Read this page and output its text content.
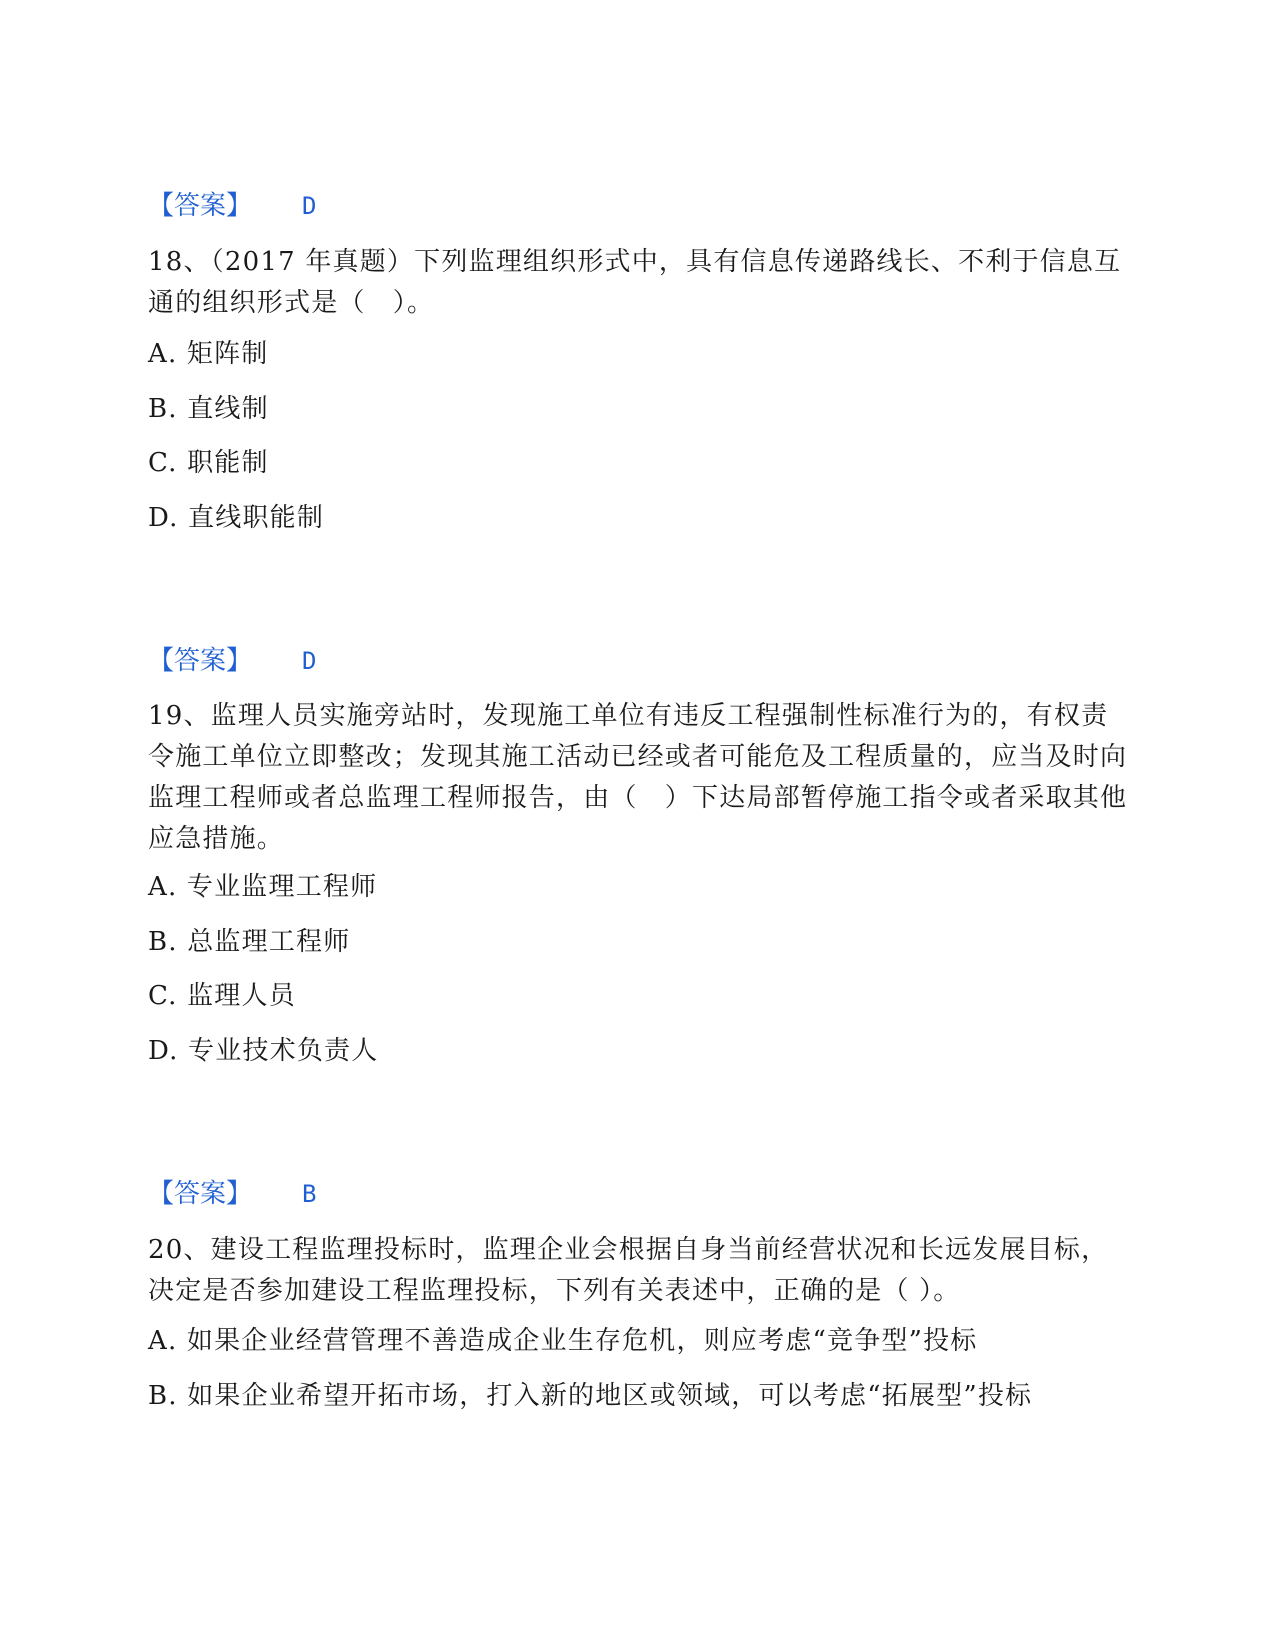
【答案】 D

18、（2017 年真题）下列监理组织形式中，具有信息传递路线长、不利于信息互通的组织形式是（　）。

A. 矩阵制

B. 直线制

C. 职能制

D. 直线职能制

【答案】 D

19、监理人员实施旁站时，发现施工单位有违反工程强制性标准行为的，有权责令施工单位立即整改；发现其施工活动已经或者可能危及工程质量的，应当及时向监理工程师或者总监理工程师报告，由（　）下达局部暂停施工指令或者采取其他应急措施。

A. 专业监理工程师

B. 总监理工程师

C. 监理人员

D. 专业技术负责人

【答案】 B

20、建设工程监理投标时，监理企业会根据自身当前经营状况和长远发展目标，决定是否参加建设工程监理投标，下列有关表述中，正确的是（ ）。

A. 如果企业经营管理不善造成企业生存危机，则应考虑“竞争型”投标

B. 如果企业希望开拓市场，打入新的地区或领域，可以考虑“拓展型”投标
